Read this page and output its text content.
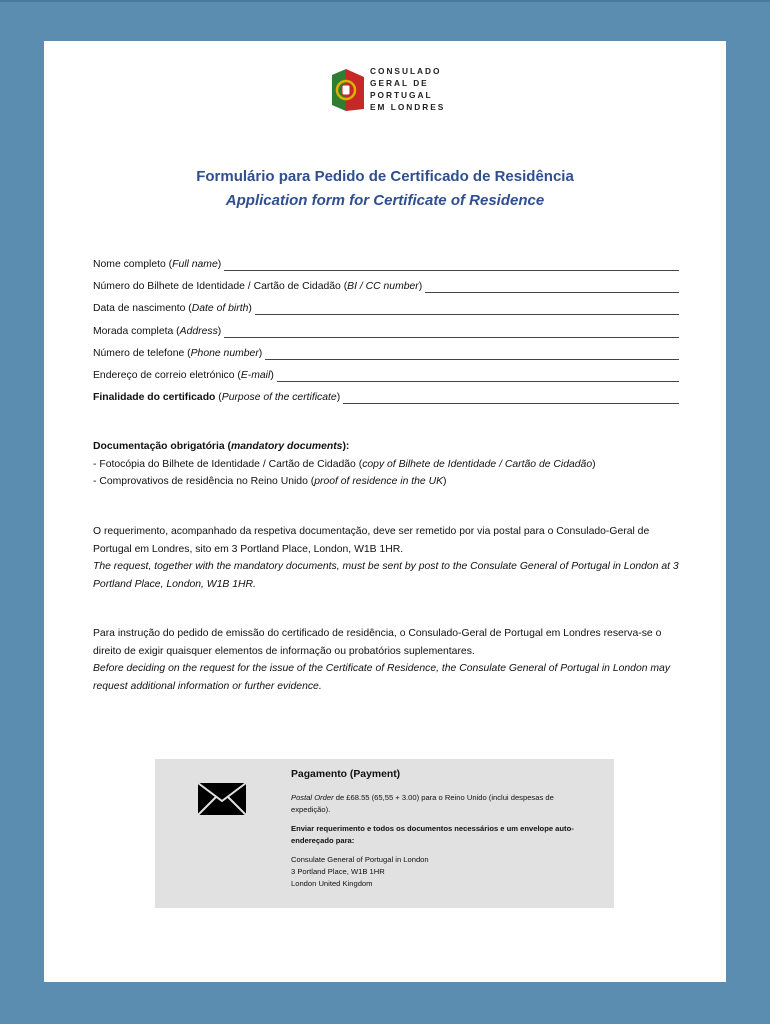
CONSULADO
GERAL DE
PORTUGAL
EM LONDRES
Formulário para Pedido de Certificado de Residência
Application form for Certificate of Residence
Nome completo (Full name)
Número do Bilhete de Identidade / Cartão de Cidadão (BI / CC number)
Data de nascimento (Date of birth)
Morada completa (Address)
Número de telefone (Phone number)
Endereço de correio eletrónico (E-mail)
Finalidade do certificado (Purpose of the certificate)
Documentação obrigatória (mandatory documents):
- Fotocópia do Bilhete de Identidade / Cartão de Cidadão (copy of Bilhete de Identidade / Cartão de Cidadão)
- Comprovativos de residência no Reino Unido (proof of residence in the UK)
O requerimento, acompanhado da respetiva documentação, deve ser remetido por via postal para o Consulado-Geral de Portugal em Londres, sito em 3 Portland Place, London, W1B 1HR.
The request, together with the mandatory documents, must be sent by post to the Consulate General of Portugal in London at 3 Portland Place, London, W1B 1HR.
Para instrução do pedido de emissão do certificado de residência, o Consulado-Geral de Portugal em Londres reserva-se o direito de exigir quaisquer elementos de informação ou probatórios suplementares.
Before deciding on the request for the issue of the Certificate of Residence, the Consulate General of Portugal in London may request additional information or further evidence.
Pagamento (Payment)
Postal Order de £68.55 (65,55 + 3.00) para o Reino Unido (inclui despesas de expedição).
Enviar requerimento e todos os documentos necessários e um envelope auto-endereçado para:
Consulate General of Portugal in London
3 Portland Place, W1B 1HR
London United Kingdom
